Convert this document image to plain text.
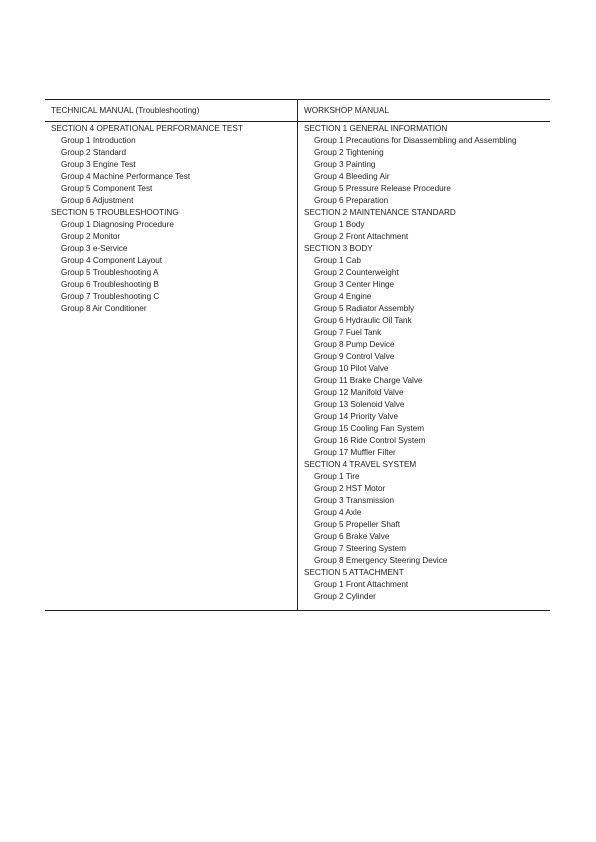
TECHNICAL MANUAL (Troubleshooting)
SECTION 4 OPERATIONAL PERFORMANCE TEST
Group 1 Introduction
Group 2 Standard
Group 3 Engine Test
Group 4 Machine Performance Test
Group 5 Component Test
Group 6 Adjustment
SECTION 5 TROUBLESHOOTING
Group 1 Diagnosing Procedure
Group 2 Monitor
Group 3 e-Service
Group 4 Component Layout
Group 5 Troubleshooting A
Group 6 Troubleshooting B
Group 7 Troubleshooting C
Group 8 Air Conditioner
WORKSHOP MANUAL
SECTION 1 GENERAL INFORMATION
Group 1 Precautions for Disassembling and Assembling
Group 2 Tightening
Group 3 Painting
Group 4 Bleeding Air
Group 5 Pressure Release Procedure
Group 6 Preparation
SECTION 2 MAINTENANCE STANDARD
Group 1 Body
Group 2 Front Attachment
SECTION 3 BODY
Group 1 Cab
Group 2 Counterweight
Group 3 Center Hinge
Group 4 Engine
Group 5 Radiator Assembly
Group 6 Hydraulic Oil Tank
Group 7 Fuel Tank
Group 8 Pump Device
Group 9 Control Valve
Group 10 Pilot Valve
Group 11 Brake Charge Valve
Group 12 Manifold Valve
Group 13 Solenoid Valve
Group 14 Priority Valve
Group 15 Cooling Fan System
Group 16 Ride Control System
Group 17 Muffler Filter
SECTION 4 TRAVEL SYSTEM
Group 1 Tire
Group 2 HST Motor
Group 3 Transmission
Group 4 Axle
Group 5 Propeller Shaft
Group 6 Brake Valve
Group 7 Steering System
Group 8 Emergency Steering Device
SECTION 5 ATTACHMENT
Group 1 Front Attachment
Group 2 Cylinder
